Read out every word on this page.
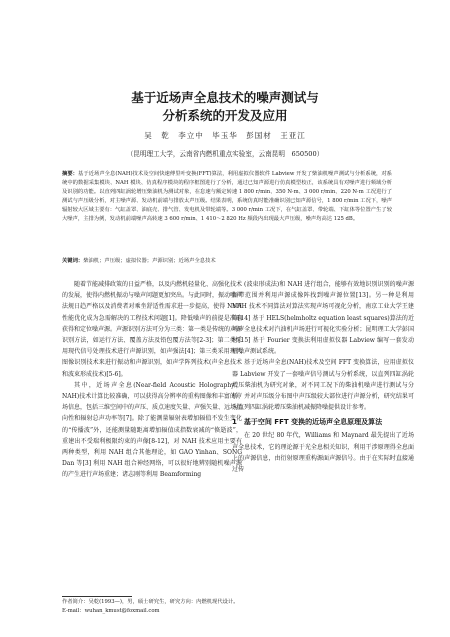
基于近场声全息技术的噪声测试与
分析系统的开发及应用
吴　乾　李立中　毕玉华　彭国材　王亚江
（昆明理工大学，云南省内燃机重点实验室，云南昆明　650500）
摘要：基于近场声全息(NAH)技术及空间快速傅里叶变换(FFT)算法，利用虚拟仪器软件 Labview 开发了柴油机噪声测试与分析系统，对系统中的数据采集模块、NAH 模块、仿真程序模块的程序框图进行了分析，通过已知声源进行仿真模型校正，该系统具有对噪声进行频域分析及识别的功能。以直列四缸涡轮增压柴油机为测试对象，在怠速与额定转速 1 800 r/min、350 N·m、3 000 r/min、220 N·m 工况进行了测试与声压级分析，对主噪声源、发动机前端与排放太声压级。结果表明，系统仿真时能准确识别已知声源信号，1 800 r/min 工况下，噪声辐射较大区域主要有：气缸盖罩、油底壳、排气管、发电机及带轮端等。3 000 r/min 工况下，在气缸盖罩、带轮端、下缸体等位置产生了较大噪声，主排为例，发动机前端噪声高转速 3 600 r/min、1 410～2 820 Hz 频段内出现最大声压级，噪声均高达 125 dB。
关键词：柴油机；声压级；虚拟仪器；声源识别；近场声全息技术

随着节能减排政策的日益严格，以及内燃机轻量化、高强化技术的发展，使得内燃机振动与噪声问题更加突出。与此同时，振动噪声法规日趋严格以及消费者对乘坐舒适性需求进一步提高，使得 NVH 性能优化成为急需解决的工程技术问题[1]。降低噪声的前提是准确获得和定位噪声源。声源识别方法可分为三类：第一类是传统的声源识别方法，如运行方法、覆盖方法及铅包覆方法等[2-3]；第二类采用现代信号处理技术进行声源识别，如声强法[4]；第三类采用现代图像识别技术来进行振动和声源识别，如声学阵列技术(声全息技术和波束形成技术)[5-6]。

其中，近场声全息(Near-field Acoustic Holography，NAH)技术计算比较准确，可以获得高分辨率的重构图像和丰富的声场信息，包括三维空间中的声压、质点速度矢量、声强矢量、远场指向性和辐射总声功率等[7]。除了能测量辐射表增加辐值不发生变化的“传播波”外，还能测量随距离增加辐值成指数衰减的“倏逝波”，重建出不受瑞利极限约束的声像[8-12]，对 NAH 技术应用主要有两种类型，利用 NAH 组合其他理论，如 GAO Yinhan、SONG Dan 等[3] 利用 NAH 组合神经网络，可以很好地辨别随机噪声源的产生进行声场重建；诸志刚等利用 Beamforming

(波束形成法)和 NAH 进行组合，能够有效地识别识别的噪声源频带范围并利用声源成像阵找到噪声源位置[13]。另一种是利用 NAH 技术不同算法对算法实现声场可视化分析，南京工业大学王建等[14] 基于 HELS(helmholtz equation least squares)算法的近场声全息技术对汽油机声场进行可视化实验分析；昆明理工大学彭国材[15] 基于 Fourier 变换法利用虚拟仪器 Labview 编写一套发动机噪声测试系统。

基于近场声全息(NAH)技术及空间 FFT 变换算法，应用虚拟仪器 Labview 开发了一套噪声信号测试与分析系统，以直列四缸涡轮增压柴油机为研究对象，对不同工况下的柴油机噪声进行测试与分析，并对声压级分布图中声压级较大部位进行声源分析，研究结果可为直列四缸涡轮增压柴油机减振降噪提供设计参考。

1　基于空间 FFT 变换的近场声全息原理及算法

在 20 世纪 80 年代，Williams 和 Maynard 最先提出了近场声全息技术，它的理论源于光全息相关知识，利用干涉原理得全息面上的声源信息，由衍射原理重构源面声源信号。由于在实际时直接通过传

作者简介：吴乾(1993—)，男，硕士研究生，研究方向：内燃机现代设计。
E-mail：wuhan_kmust@foxmail.com
